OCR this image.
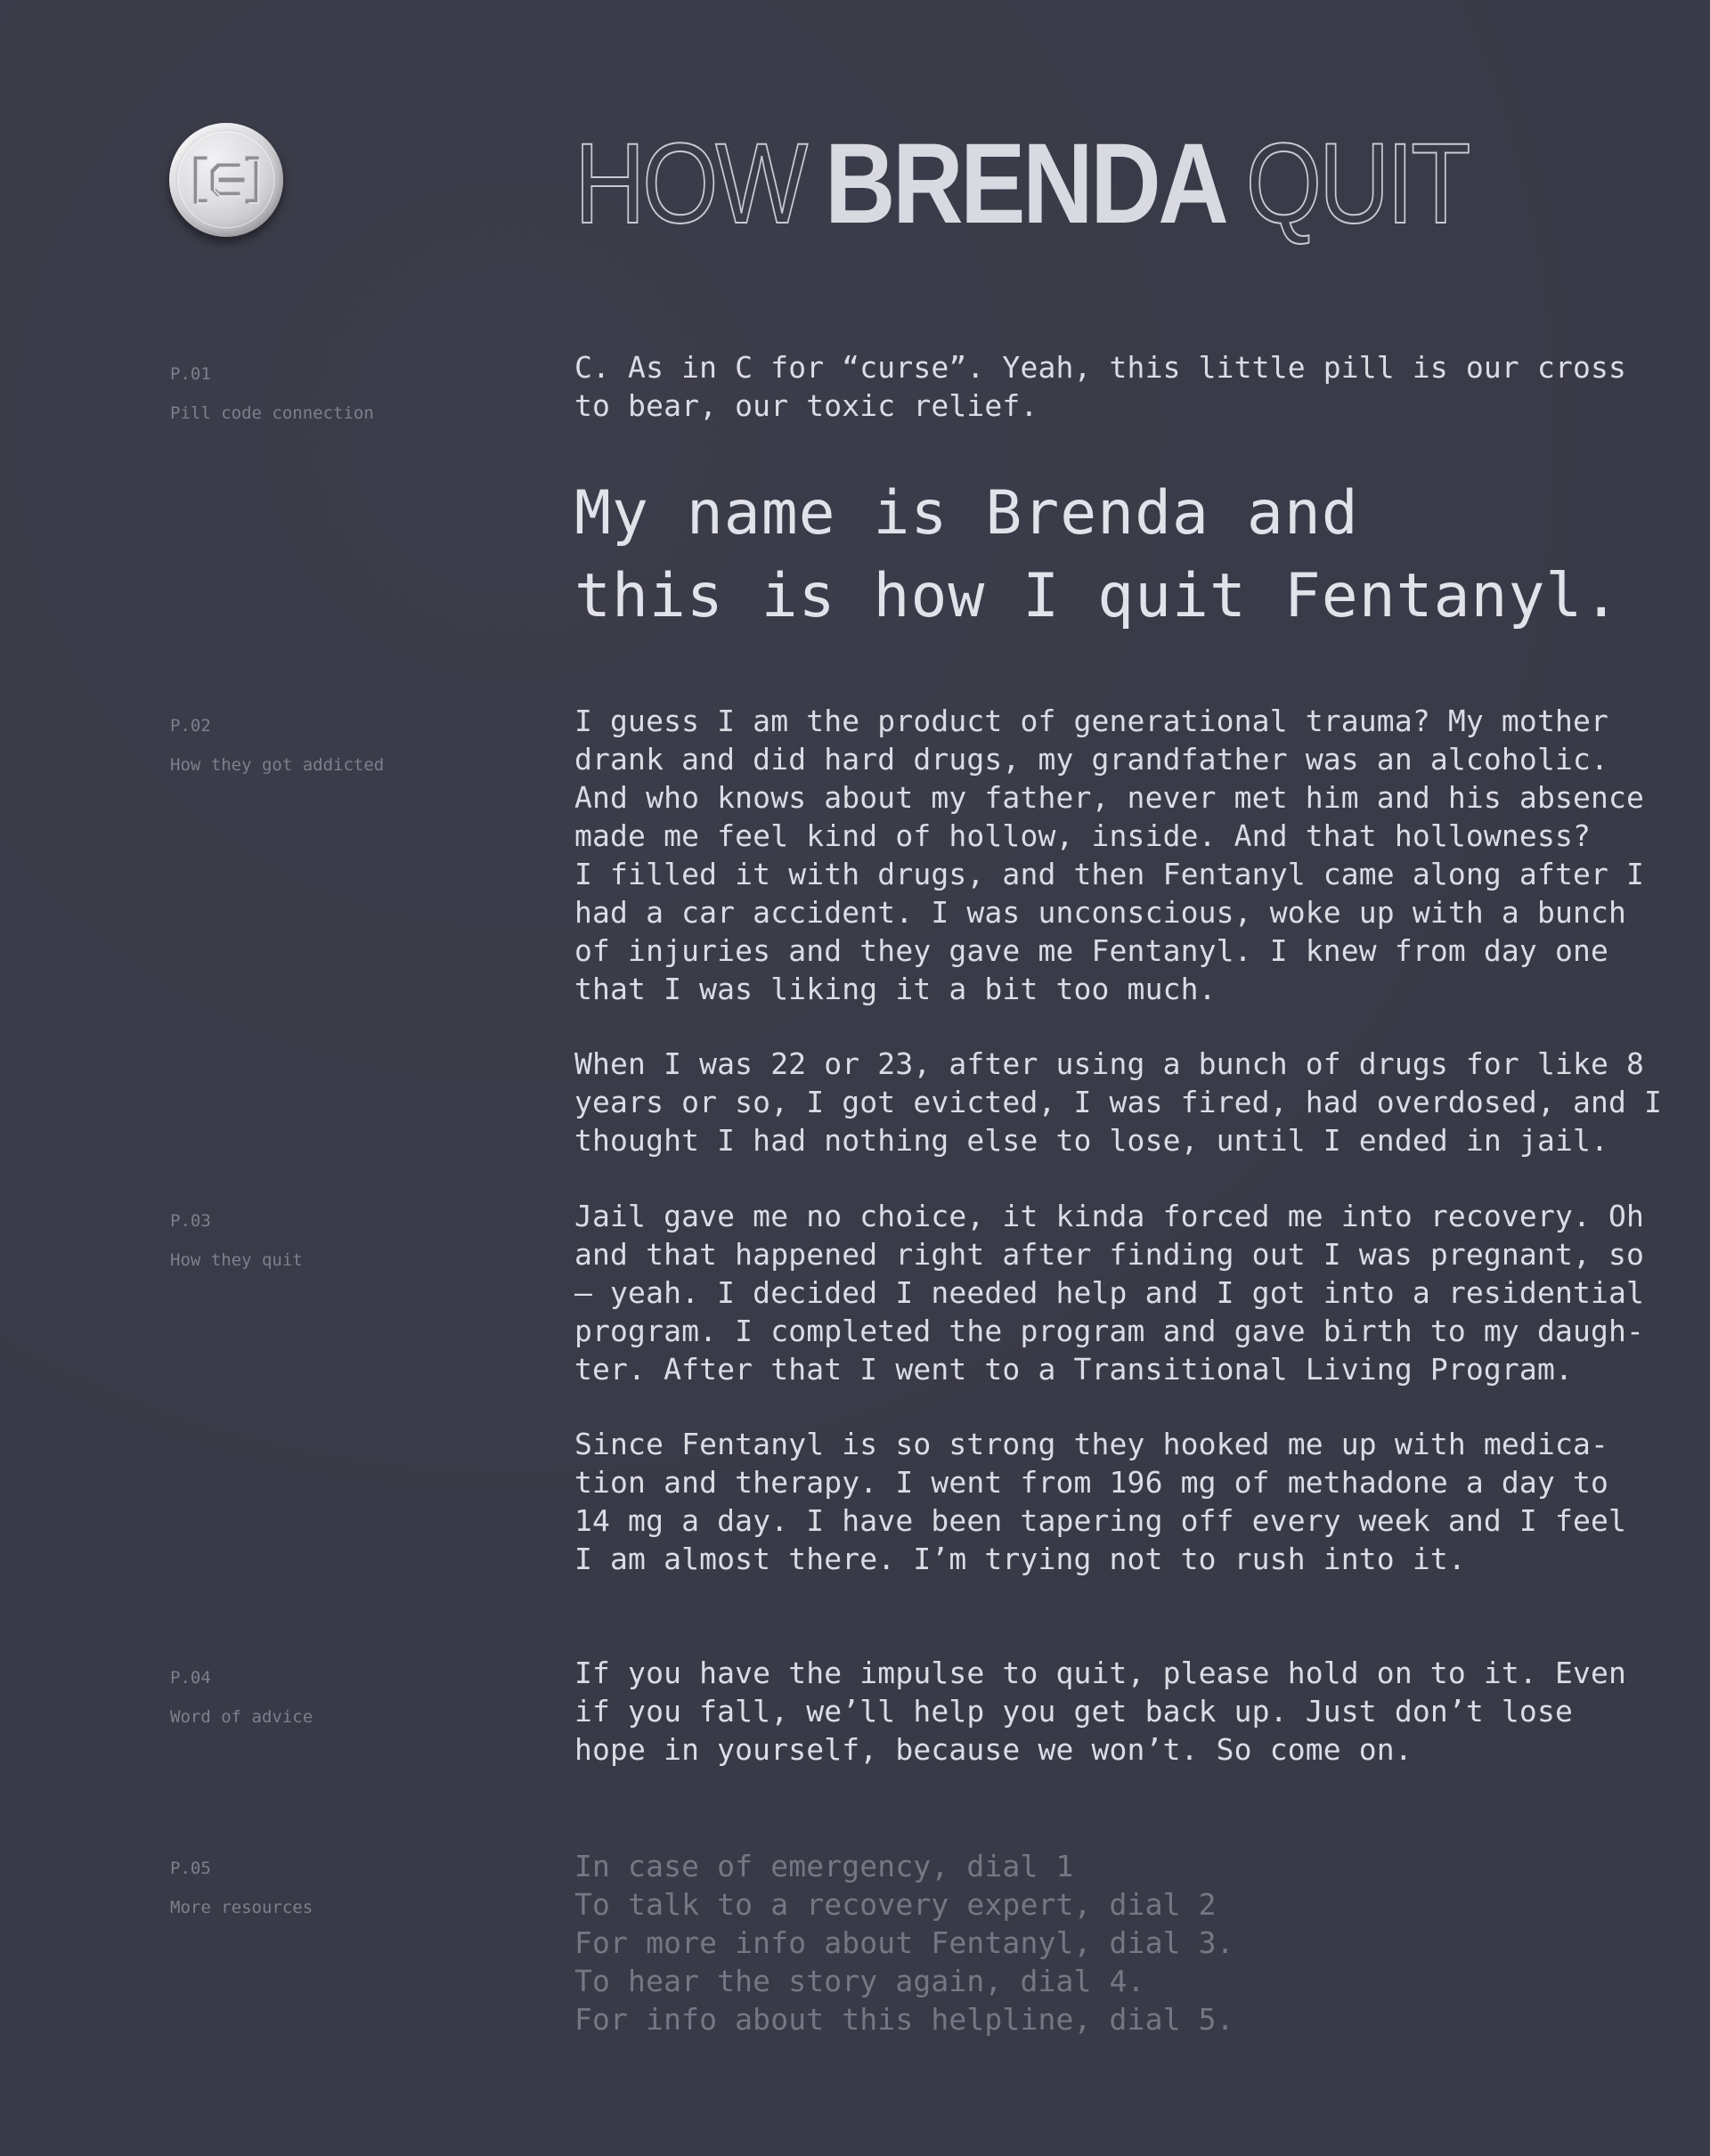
HOW BRENDA QUIT
P.01
Pill code connection
C. As in C for “curse”. Yeah, this little pill is our cross
to bear, our toxic relief.
My name is Brenda and
this is how I quit Fentanyl.
P.02
How they got addicted
I guess I am the product of generational trauma? My mother
drank and did hard drugs, my grandfather was an alcoholic.
And who knows about my father, never met him and his absence
made me feel kind of hollow, inside. And that hollowness?
I filled it with drugs, and then Fentanyl came along after I
had a car accident. I was unconscious, woke up with a bunch
of injuries and they gave me Fentanyl. I knew from day one
that I was liking it a bit too much.
When I was 22 or 23, after using a bunch of drugs for like 8
years or so, I got evicted, I was fired, had overdosed, and I
thought I had nothing else to lose, until I ended in jail.
P.03
How they quit
Jail gave me no choice, it kinda forced me into recovery. Oh
and that happened right after finding out I was pregnant, so
– yeah. I decided I needed help and I got into a residential
program. I completed the program and gave birth to my daugh-
ter. After that I went to a Transitional Living Program.
Since Fentanyl is so strong they hooked me up with medica-
tion and therapy. I went from 196 mg of methadone a day to
14 mg a day. I have been tapering off every week and I feel
I am almost there. I’m trying not to rush into it.
P.04
Word of advice
If you have the impulse to quit, please hold on to it. Even
if you fall, we’ll help you get back up. Just don’t lose
hope in yourself, because we won’t. So come on.
P.05
More resources
In case of emergency, dial 1
To talk to a recovery expert, dial 2
For more info about Fentanyl, dial 3.
To hear the story again, dial 4.
For info about this helpline, dial 5.
